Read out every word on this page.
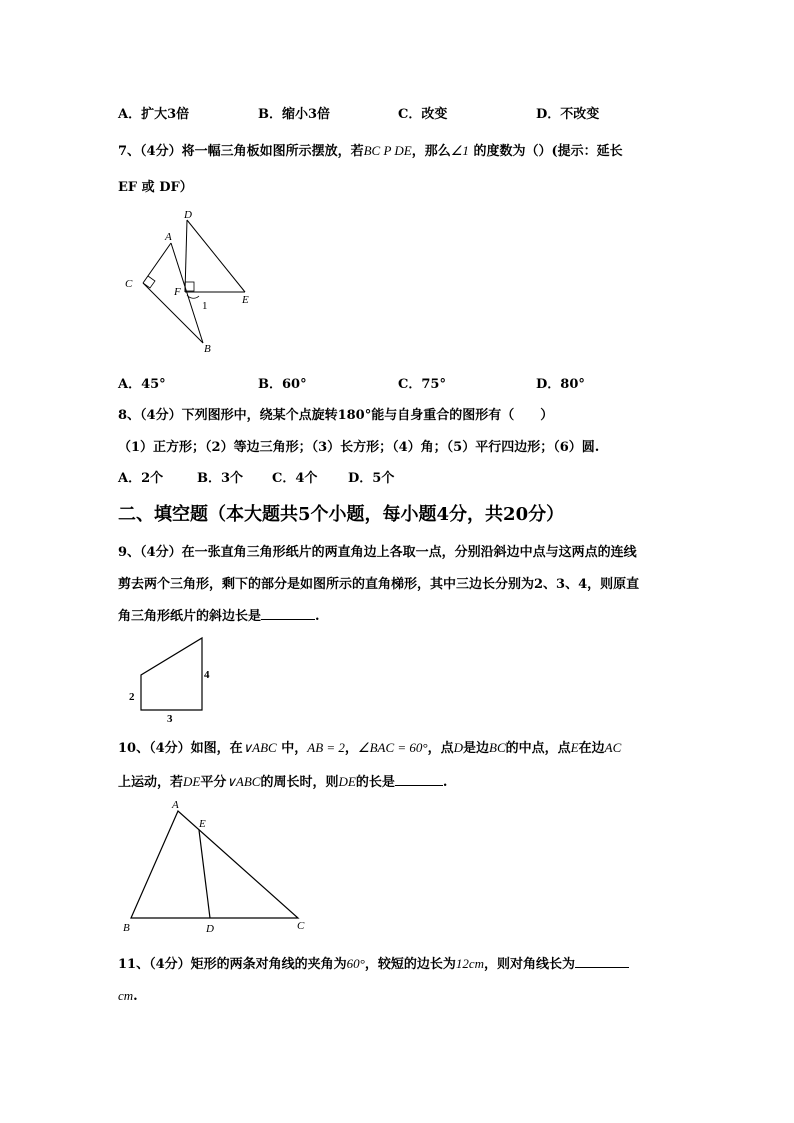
A．扩大3倍	B．缩小3倍	C．改变	D．不改变
7、（4分）将一幅三角板如图所示摆放，若BC P DE，那么∠1 的度数为（）(提示：延长
EF 或 DF）
A
D
C
F
E
1
B
A．45°	B．60°	C．75°	D．80°
8、（4分）下列图形中，绕某个点旋转180°能与自身重合的图形有（　　）
（1）正方形；（2）等边三角形；（3）长方形；（4）角；（5）平行四边形；（6）圆.
A．2个	B．3个 C．4个 D．5个
二、填空题（本大题共5个小题，每小题4分，共20分）
9、（4分）在一张直角三角形纸片的两直角边上各取一点，分别沿斜边中点与这两点的连线
剪去两个三角形，剩下的部分是如图所示的直角梯形，其中三边长分别为2、3、4，则原直
角三角形纸片的斜边长是	.
2
3
4
10、（4分）如图，在∨ABC 中，AB = 2，∠BAC = 60°，点D是边BC的中点，点E在边AC
上运动，若DE平分∨ABC的周长时，则DE的长是	.
A
E
B	D	C
11、（4分）矩形的两条对角线的夹角为60°，较短的边长为12cm，则对角线长为
cm.
